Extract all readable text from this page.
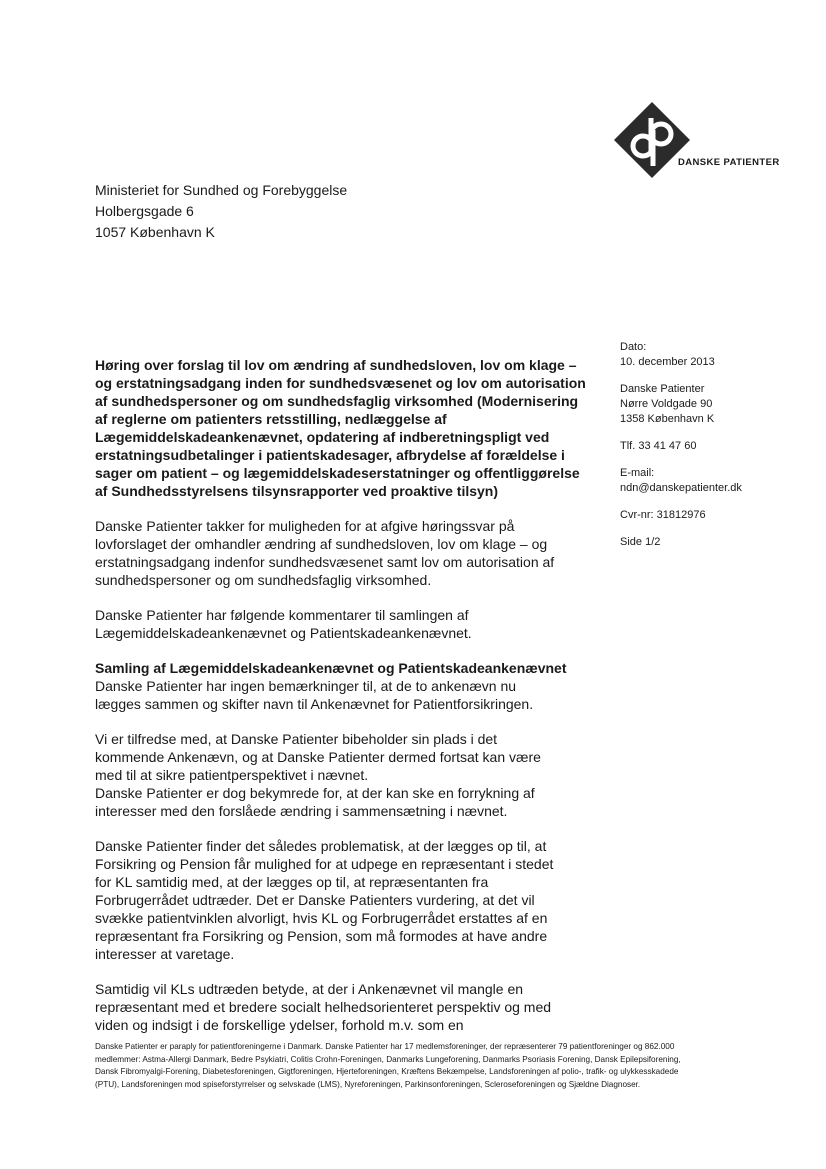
DANSKE PATIENTER
Ministeriet for Sundhed og Forebyggelse
Holbergsgade 6
1057 København K
Dato:
10. december 2013
Danske Patienter
Nørre Voldgade 90
1358 København K
Tlf. 33 41 47 60
E-mail:
ndn@danskepatienter.dk
Cvr-nr: 31812976
Side 1/2
Høring over forslag til lov om ændring af sundhedsloven, lov om klage –
og erstatningsadgang inden for sundhedsvæsenet og lov om autorisation
af sundhedspersoner og om sundhedsfaglig virksomhed (Modernisering
af reglerne om patienters retsstilling, nedlæggelse af
Lægemiddelskadeankenævnet, opdatering af indberetningspligt ved
erstatningsudbetalinger i patientskadesager, afbrydelse af forældelse i
sager om patient – og lægemiddelskadeserstatninger og offentliggørelse
af Sundhedsstyrelsens tilsynsrapporter ved proaktive tilsyn)

Danske Patienter takker for muligheden for at afgive høringssvar på
lovforslaget der omhandler ændring af sundhedsloven, lov om klage – og
erstatningsadgang indenfor sundhedsvæsenet samt lov om autorisation af
sundhedspersoner og om sundhedsfaglig virksomhed.

Danske Patienter har følgende kommentarer til samlingen af
Lægemiddelskadeankenævnet og Patientskadeankenævnet.

Samling af Lægemiddelskadeankenævnet og Patientskadeankenævnet
Danske Patienter har ingen bemærkninger til, at de to ankenævn nu
lægges sammen og skifter navn til Ankenævnet for Patientforsikringen.

Vi er tilfredse med, at Danske Patienter bibeholder sin plads i det
kommende Ankenævn, og at Danske Patienter dermed fortsat kan være
med til at sikre patientperspektivet i nævnet.
Danske Patienter er dog bekymrede for, at der kan ske en forrykning af
interesser med den forslåede ændring i sammensætning i nævnet.

Danske Patienter finder det således problematisk, at der lægges op til, at
Forsikring og Pension får mulighed for at udpege en repræsentant i stedet
for KL samtidig med, at der lægges op til, at repræsentanten fra
Forbrugerrådet udtræder. Det er Danske Patienters vurdering, at det vil
svække patientvinklen alvorligt, hvis KL og Forbrugerrådet erstattes af en
repræsentant fra Forsikring og Pension, som må formodes at have andre
interesser at varetage.

Samtidig vil KLs udtræden betyde, at der i Ankenævnet vil mangle en
repræsentant med et bredere socialt helhedsorienteret perspektiv og med
viden og indsigt i de forskellige ydelser, forhold m.v. som en

Danske Patienter er paraply for patientforeningerne i Danmark. Danske Patienter har 17 medlemsforeninger, der repræsenterer 79 patientforeninger og 862.000
medlemmer: Astma-Allergi Danmark, Bedre Psykiatri, Colitis Crohn-Foreningen, Danmarks Lungeforening, Danmarks Psoriasis Forening, Dansk Epilepsiforening,
Dansk Fibromyalgi-Forening, Diabetesforeningen, Gigtforeningen, Hjerteforeningen, Kræftens Bekæmpelse, Landsforeningen af polio-, trafik- og ulykkesskadede
(PTU), Landsforeningen mod spiseforstyrrelser og selvskade (LMS), Nyreforeningen, Parkinsonforeningen, Scleroseforeningen og Sjældne Diagnoser.
